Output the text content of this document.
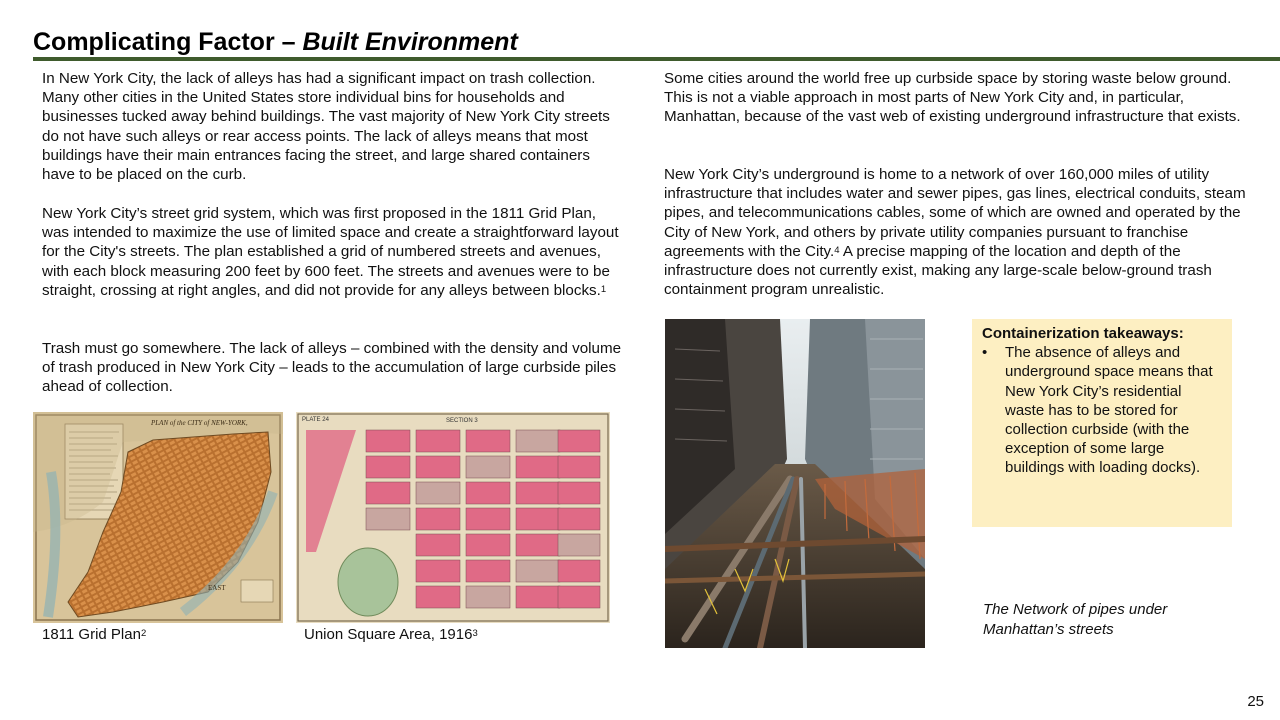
Complicating Factor – Built Environment

In New York City, the lack of alleys has had a significant impact on trash collection. Many other cities in the United States store individual bins for households and businesses tucked away behind buildings. The vast majority of New York City streets do not have such alleys or rear access points. The lack of alleys means that most buildings have their main entrances facing the street, and large shared containers have to be placed on the curb.

New York City’s street grid system, which was first proposed in the 1811 Grid Plan, was intended to maximize the use of limited space and create a straightforward layout for the City's streets. The plan established a grid of numbered streets and avenues, with each block measuring 200 feet by 600 feet. The streets and avenues were to be straight, crossing at right angles, and did not provide for any alleys between blocks.$^1$

Trash must go somewhere. The lack of alleys – combined with the density and volume of trash produced in New York City – leads to the accumulation of large curbside piles ahead of collection.

EAST
PLAN of the CITY of NEW-YORK,
1811 Grid Plan$^2$
PLATE 24	SECTION 3
Union Square Area, 1916$^3$

Some cities around the world free up curbside space by storing waste below ground. This is not a viable approach in most parts of New York City and, in particular, Manhattan, because of the vast web of existing underground infrastructure that exists.

New York City’s underground is home to a network of over 160,000 miles of utility infrastructure that includes water and sewer pipes, gas lines, electrical conduits, steam pipes, and telecommunications cables, some of which are owned and operated by the City of New York, and others by private utility companies pursuant to franchise agreements with the City.$^4$ A precise mapping of the location and depth of the infrastructure does not currently exist, making any large-scale below-ground trash containment program unrealistic.

Containerization takeaways:
• The absence of alleys and underground space means that New York City’s residential waste has to be stored for collection curbside (with the exception of some large buildings with loading docks).
The Network of pipes under Manhattan’s streets
25
